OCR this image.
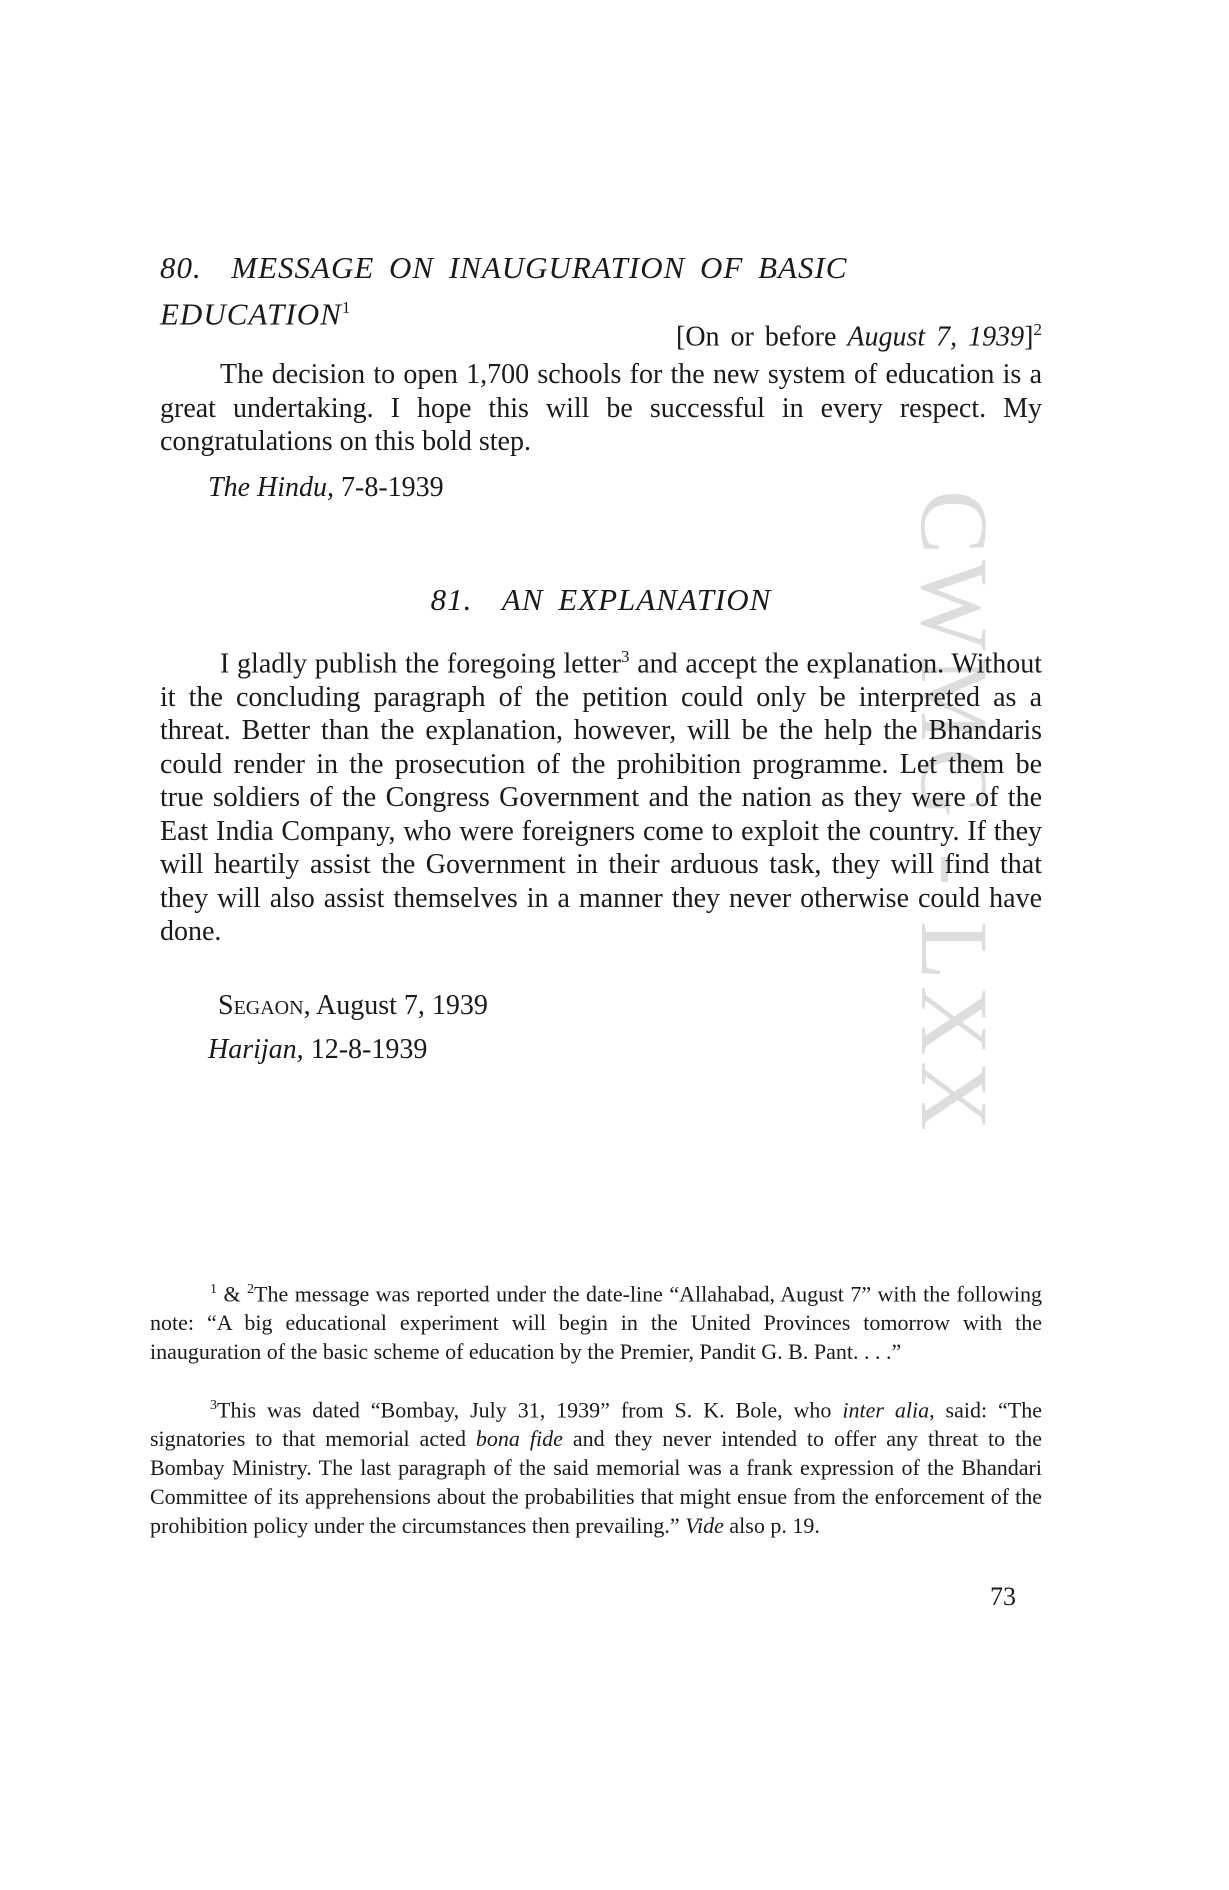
CWMG - LXX
80. MESSAGE ON INAUGURATION OF BASIC EDUCATION$^1$
[On or before August 7, 1939]$^2$

The decision to open 1,700 schools for the new system of education is a great undertaking. I hope this will be successful in every respect. My congratulations on this bold step.

The Hindu, 7-8-1939
81. AN EXPLANATION

I gladly publish the foregoing letter$^3$ and accept the explanation. Without it the concluding paragraph of the petition could only be interpreted as a threat. Better than the explanation, however, will be the help the Bhandaris could render in the prosecution of the prohibition programme. Let them be true soldiers of the Congress Government and the nation as they were of the East India Company, who were foreigners come to exploit the country. If they will heartily assist the Government in their arduous task, they will find that they will also assist themselves in a manner they never otherwise could have done.

Segaon, August 7, 1939
Harijan, 12-8-1939

$^1$ & $^2$The message was reported under the date-line “Allahabad, August 7” with the following note: “A big educational experiment will begin in the United Provinces tomorrow with the inauguration of the basic scheme of education by the Premier, Pandit G. B. Pant. . . .”

$^3$This was dated “Bombay, July 31, 1939” from S. K. Bole, who inter alia, said: “The signatories to that memorial acted bona fide and they never intended to offer any threat to the Bombay Ministry. The last paragraph of the said memorial was a frank expression of the Bhandari Committee of its apprehensions about the probabilities that might ensue from the enforcement of the prohibition policy under the circumstances then prevailing.” Vide also p. 19.

73
